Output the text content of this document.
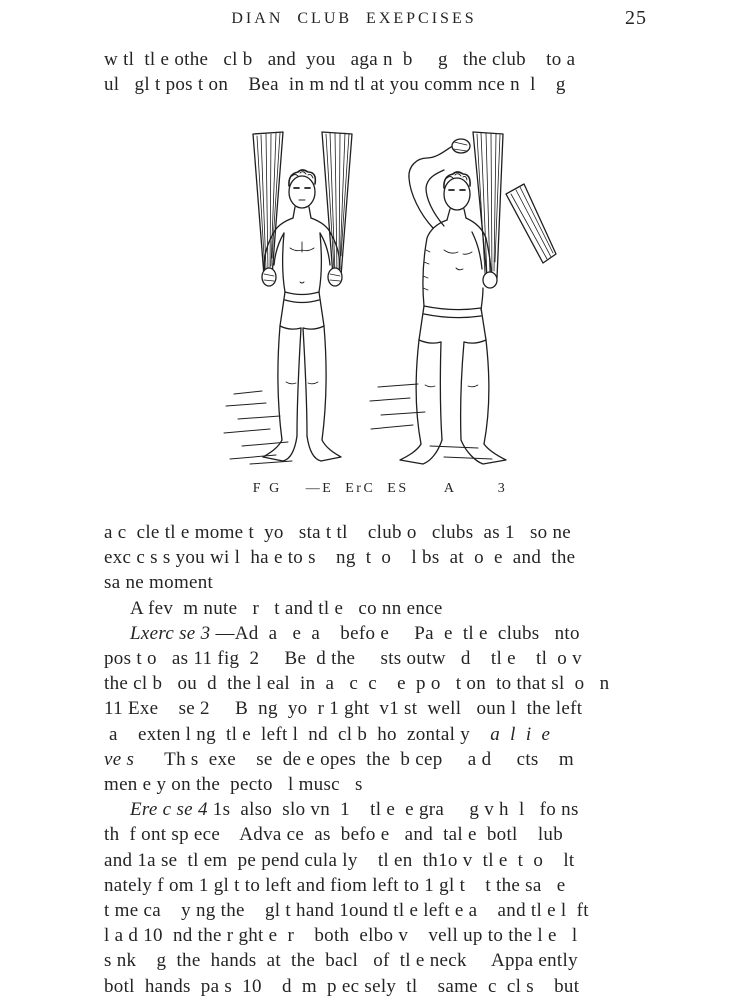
DIAN  CLUB  EXEPCISES	25
w tl  tl e othe   cl b   and  you   aga n  b     g   the club    to a
ul   gl t pos t on    Bea  in m nd tl at you comm nce n  l    g
F G    —E  ErC  ES      A       3
a c  cle tl e mome t  yo   sta t tl    club o   clubs  as 1   so ne
exc c s s you wi l  ha e to s    ng  t  o    l bs  at  o  e  and  the
sa ne moment
A fev  m nute   r   t and tl e   co nn ence
Lxerc se 3 —Ad  a   e  a    befo e     Pa  e  tl e  clubs   nto
pos t o   as 11 fig  2     Be  d the     sts outw   d    tl e    tl  o v
the cl b   ou  d  the l eal  in  a   c  c    e  p o   t on  to that sl  o   n
11 Exe    se 2     B  ng  yo  r 1 ght  v1 st  well   oun l  the left
a    exten l ng  tl e  left l  nd  cl b  ho  zontal y    a  l  i  e
ve s      Th s  exe    se  de e opes  the  b cep     a d     cts    m
men e y on the  pecto   l musc   s
Ere c se 4 1s  also  slo vn  1    tl e  e gra     g v h  l   fo ns
th  f ont sp ece    Adva ce  as  befo e   and  tal e  botl    lub
and 1a se  tl em  pe pend cula ly    tl en  th1o v  tl e  t  o    lt
nately f om 1 gl t to left and fiom left to 1 gl t    t the sa   e
t me ca    y ng the    gl t hand 1ound tl e left e a    and tl e l  ft
l a d 10  nd the r ght e  r    both  elbo v    vell up to the l e   l
s nk    g  the  hands  at  the  bacl   of  tl e neck     Appa ently
botl  hands  pa s  10    d  m  p ec sely  tl    same  c  cl s    but
